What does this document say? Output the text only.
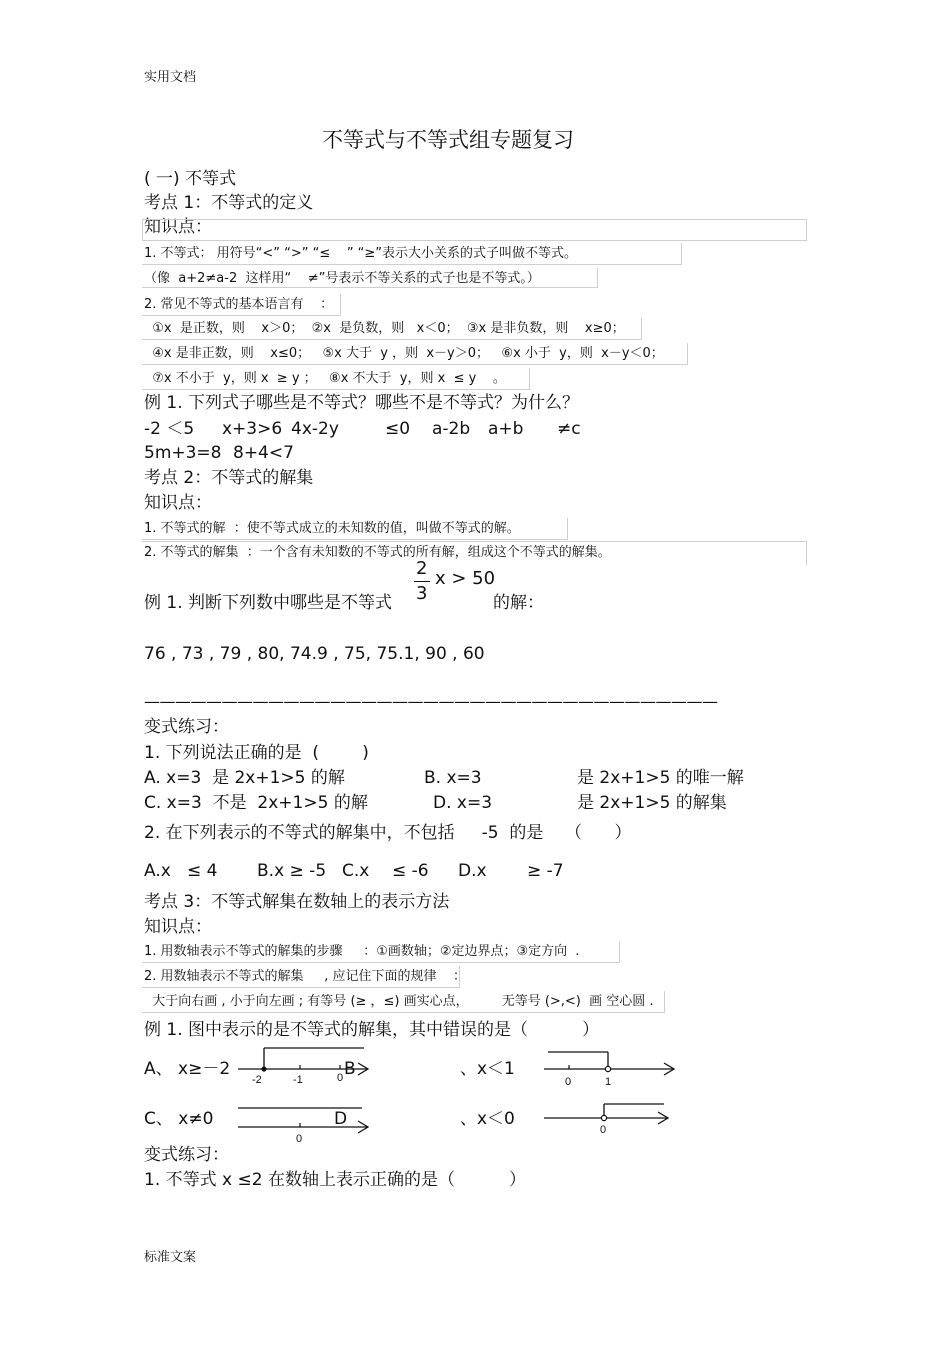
实用文档
不等式与不等式组专题复习
( 一) 不等式
考点 1：不等式的定义
知识点：
1. 不等式： 用符号“<” “>” “≤    ” “≥”表示大小关系的式子叫做不等式。
（像  a+2≠a-2  这样用“    ≠”号表示不等关系的式子也是不等式。）
2. 常见不等式的基本语言有    ：
①x  是正数，则    x＞0；  ②x  是负数，则   x＜0；  ③x 是非负数，则    x≥0；
④x 是非正数，则    x≤0；   ⑤x 大于  y ，则  x－y＞0；   ⑥x 小于  y，则  x－y＜0；
⑦x 不小于  y，则 x  ≥ y ；   ⑧x 不大于  y，则 x  ≤ y    。
例 1. 下列式子哪些是不等式？哪些不是不等式？为什么？
-2 ＜5 x+3>6 4x-2y	≤0 a-2b a+b ≠c
5m+3=8 8+4<7
考点 2：不等式的解集
知识点：
1. 不等式的解  ：使不等式成立的未知数的值，叫做不等式的解。
2. 不等式的解集  ：一个含有未知数的不等式的所有解，组成这个不等式的解集。
例 1. 判断下列数中哪些是不等式
2
3
x > 50
的解：
76 , 73 , 79 , 80, 74.9 , 75, 75.1, 90 , 60
—————————————————————————————————————
变式练习：
1. 下列说法正确的是  (        )
A. x=3  是 2x+1>5 的解	B. x=3	是 2x+1>5 的唯一解
C. x=3  不是  2x+1>5 的解	D. x=3	是 2x+1>5 的解集
2. 在下列表示的不等式的解集中，不包括     -5  的是    （      ）
A.x   ≤ 4 B.x ≥ -5 C.x ≤ -6 D.x ≥ -7
考点 3：不等式解集在数轴上的表示方法
知识点：
1. 用数轴表示不等式的解集的步骤     ：①画数轴；②定边界点；③定方向  .
2. 用数轴表示不等式的解集     , 应记住下面的规律    ：
大于向右画 , 小于向左画 ; 有等号 (≥ ，≤) 画实心点，        无等号 (>,<)  画 空心圆 .
例 1. 图中表示的是不等式的解集，其中错误的是（          ）
A、 x≥－2
-2	-1	0 B	、x＜1
0	1
C、 x≠0
0
D	、x＜0
0
变式练习：
1. 不等式 x ≤2 在数轴上表示正确的是（          ）
标准文案
